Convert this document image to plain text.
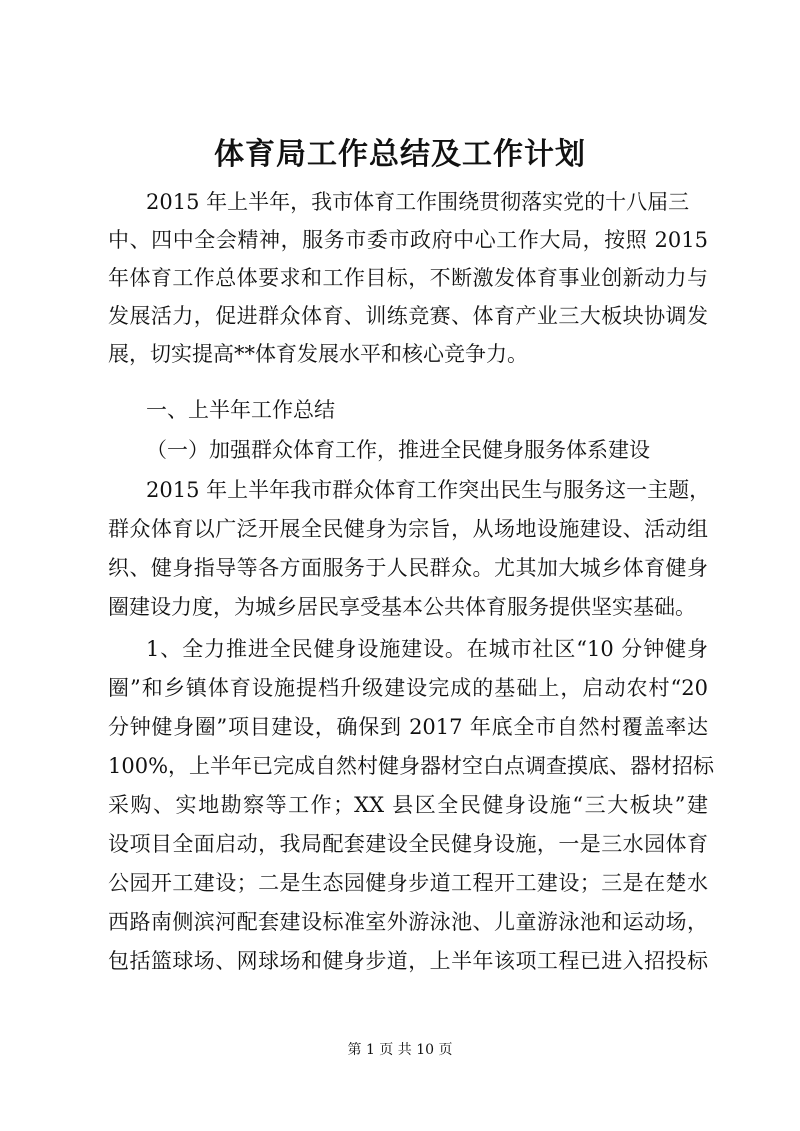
体育局工作总结及工作计划
2015 年上半年，我市体育工作围绕贯彻落实党的十八届三
中、四中全会精神，服务市委市政府中心工作大局，按照 2015
年体育工作总体要求和工作目标，不断激发体育事业创新动力与
发展活力，促进群众体育、训练竞赛、体育产业三大板块协调发
展，切实提高**体育发展水平和核心竞争力。
一、上半年工作总结
（一）加强群众体育工作，推进全民健身服务体系建设
2015 年上半年我市群众体育工作突出民生与服务这一主题，
群众体育以广泛开展全民健身为宗旨，从场地设施建设、活动组
织、健身指导等各方面服务于人民群众。尤其加大城乡体育健身
圈建设力度，为城乡居民享受基本公共体育服务提供坚实基础。
1、全力推进全民健身设施建设。在城市社区“10 分钟健身
圈”和乡镇体育设施提档升级建设完成的基础上，启动农村“20
分钟健身圈”项目建设，确保到 2017 年底全市自然村覆盖率达
100%，上半年已完成自然村健身器材空白点调查摸底、器材招标
采购、实地勘察等工作；XX 县区全民健身设施“三大板块”建
设项目全面启动，我局配套建设全民健身设施，一是三水园体育
公园开工建设；二是生态园健身步道工程开工建设；三是在楚水
西路南侧滨河配套建设标准室外游泳池、儿童游泳池和运动场，
包括篮球场、网球场和健身步道，上半年该项工程已进入招投标
第 1 页 共 10 页
